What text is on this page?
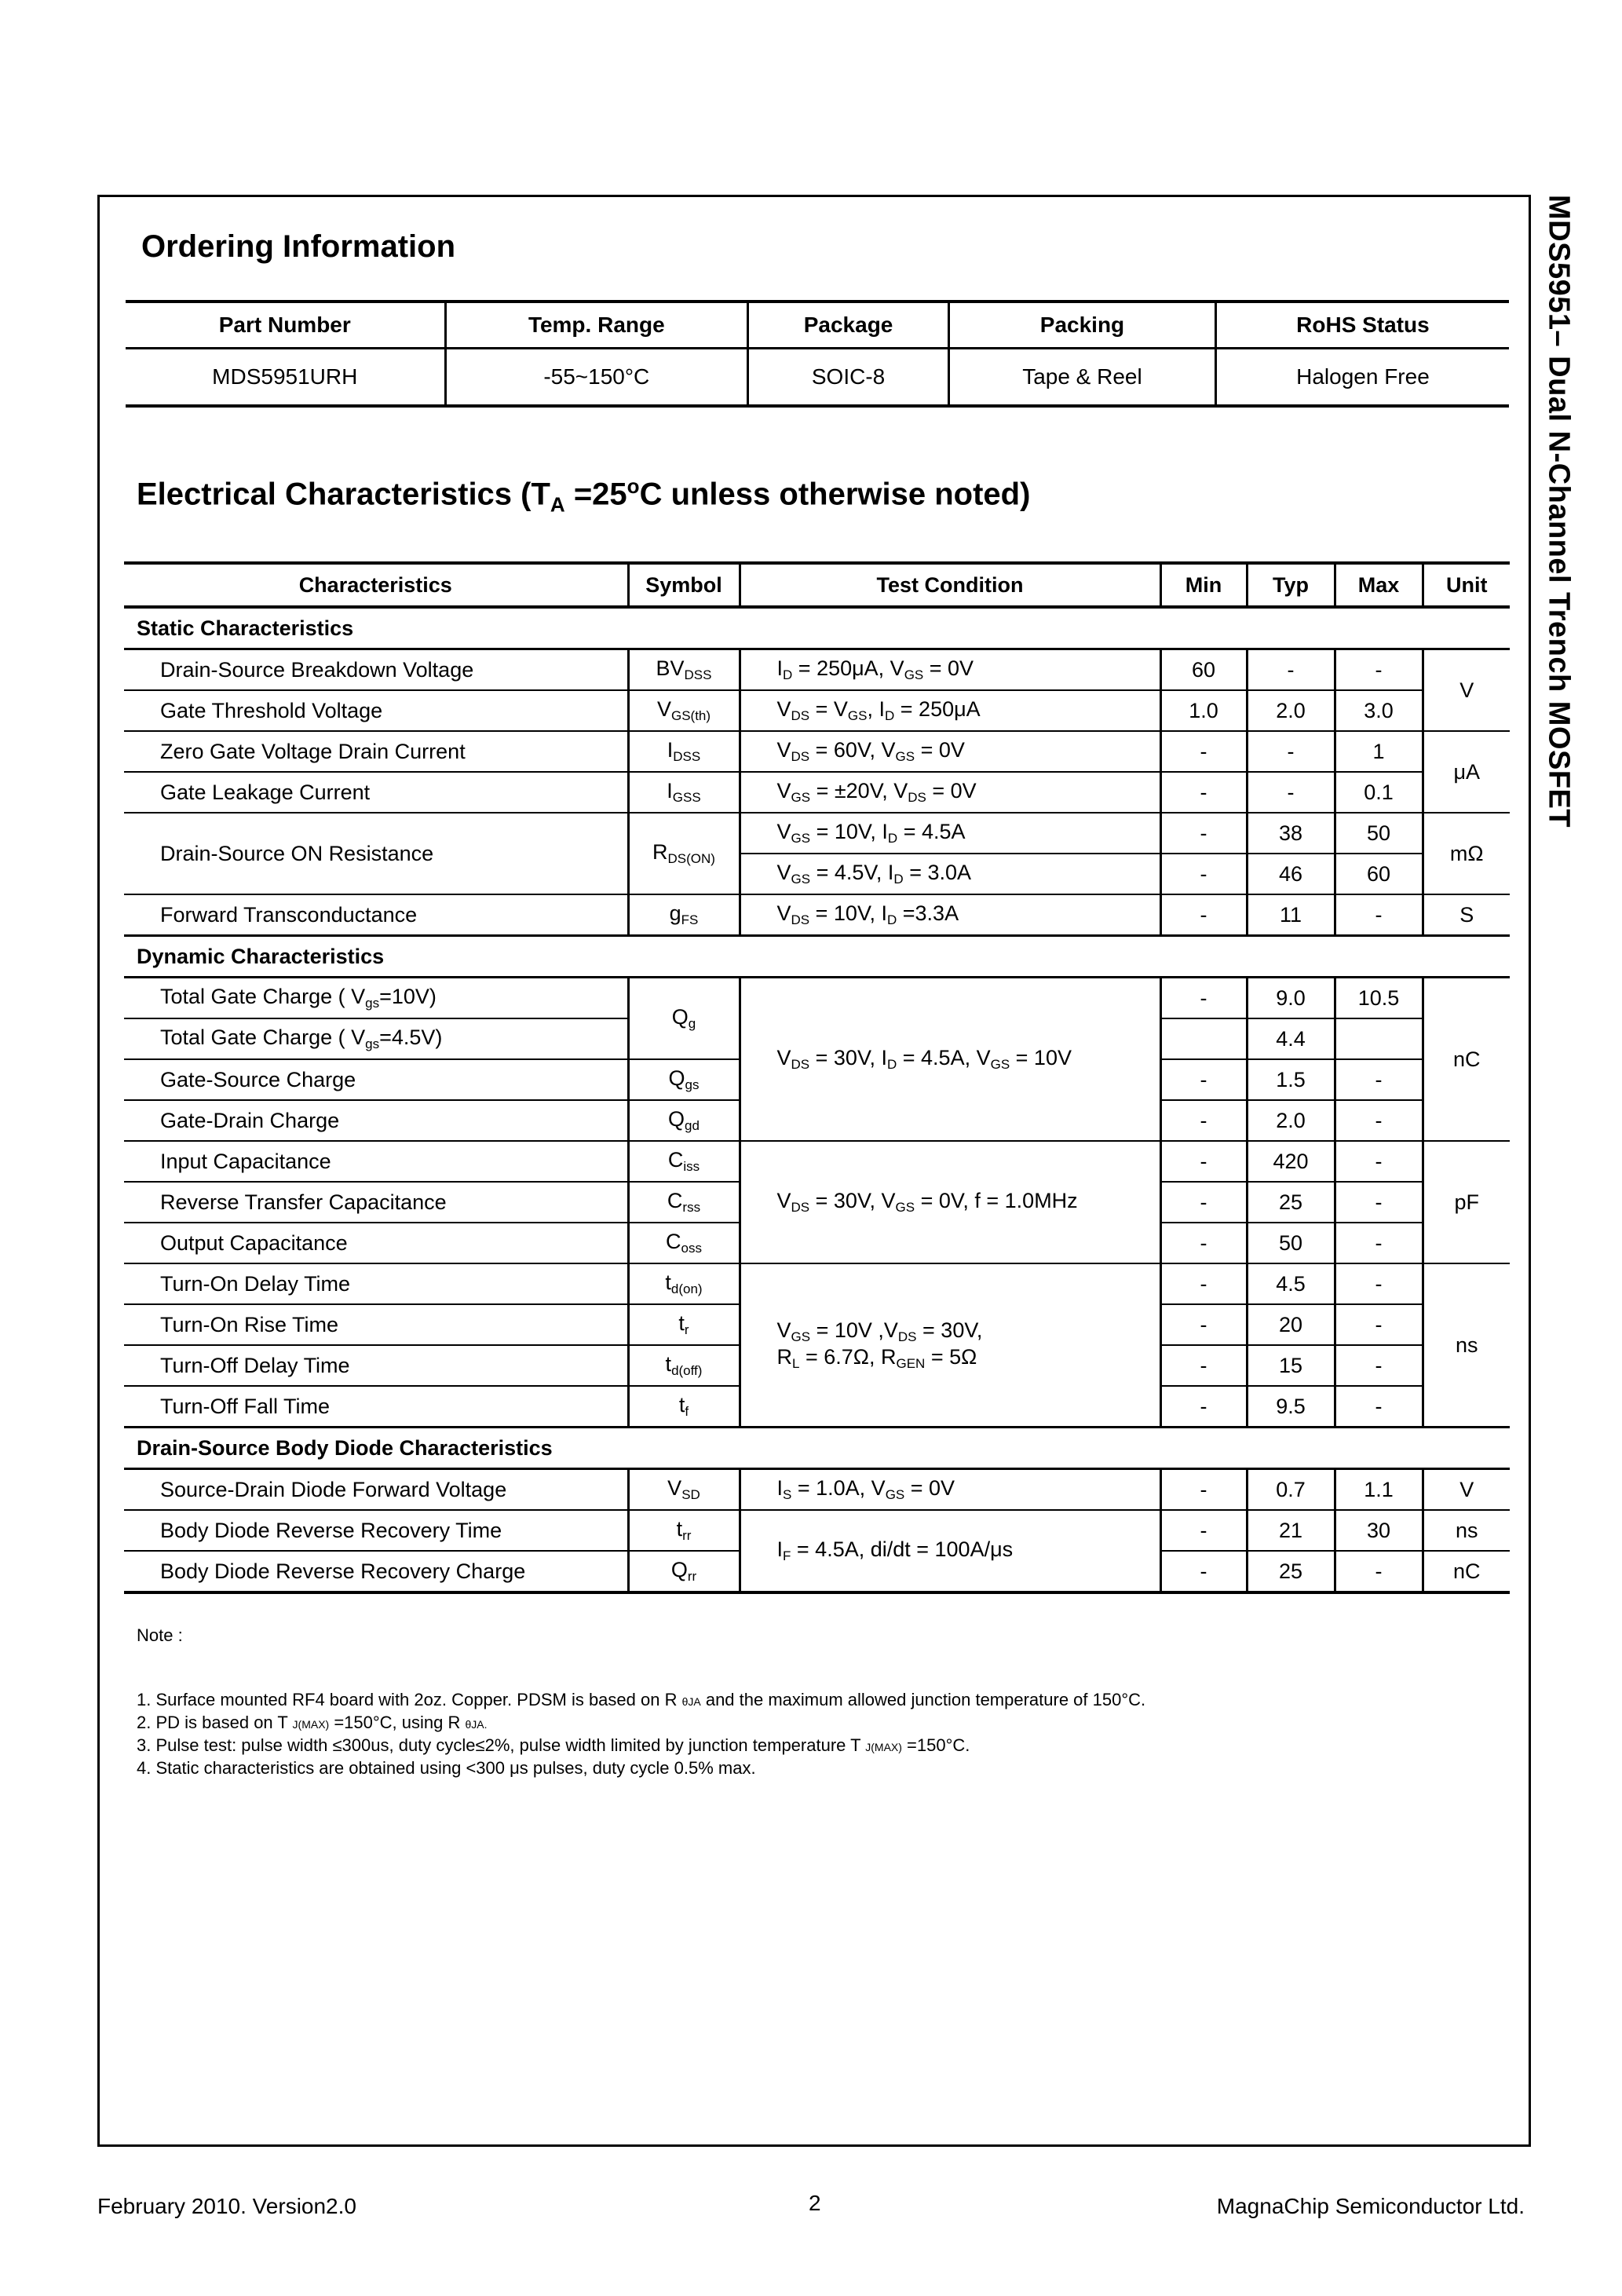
MDS5951– Dual N-Channel Trench MOSFET
Ordering Information
Part Number	Temp. Range	Package	Packing	RoHS Status
MDS5951URH	-55~150°C	SOIC-8	Tape & Reel	Halogen Free
Electrical Characteristics ($T_A =25^oC$ unless otherwise noted)
Characteristics	Symbol	Test Condition	Min	Typ	Max	Unit
Static Characteristics						
Drain-Source Breakdown Voltage	$BV_{DSS}$	$I_D = 250\mu A$, $V_{GS} = 0V$	60	-	-	V
Gate Threshold Voltage	$V_{GS(th)}$	$V_{DS} = V_{GS}$, $I_D = 250\mu A$	1.0	2.0	3.0	
Zero Gate Voltage Drain Current	$I_{DSS}$	$V_{DS} = 60V$, $V_{GS} = 0V$	-	-	1	μA
Gate Leakage Current	$I_{GSS}$	$V_{GS} = \pm 20V$, $V_{DS} = 0V$	-	-	0.1	
Drain-Source ON Resistance	$R_{DS(ON)}$	$V_{GS} = 10V$, $I_D = 4.5A$	-	38	50	mΩ
		$V_{GS} = 4.5V$, $I_D = 3.0A$	-	46	60	
Forward Transconductance	$g_{FS}$	$V_{DS} = 10V$, $I_D =3.3A$	-	11	-	S
Dynamic Characteristics						
Total Gate Charge ( $V_{gs}=10V$)	$Q_g$	$V_{DS} = 30V$, $I_D = 4.5A$, $V_{GS} = 10V$	-	9.0	10.5	nC
Total Gate Charge ( $V_{gs}=4.5V$)				4.4		
Gate-Source Charge	$Q_{gs}$		-	1.5	-	
Gate-Drain Charge	$Q_{gd}$		-	2.0	-	
Input Capacitance	$C_{iss}$	$V_{DS} = 30V$, $V_{GS} = 0V$, f = 1.0MHz	-	420	-	pF
Reverse Transfer Capacitance	$C_{rss}$		-	25	-	
Output Capacitance	$C_{oss}$		-	50	-	
Turn-On Delay Time	$t_{d(on)}$	$V_{GS} = 10V$ $,V_{DS} = 30V$,
$R_L = 6.7\Omega$, $R_{GEN} = 5\Omega$	-	4.5	-	ns
Turn-On Rise Time	$t_r$		-	20	-	
Turn-Off Delay Time	$t_{d(off)}$		-	15	-	
Turn-Off Fall Time	$t_f$		-	9.5	-	
Drain-Source Body Diode Characteristics						
Source-Drain Diode Forward Voltage	$V_{SD}$	$I_S = 1.0A$, $V_{GS} = 0V$	-	0.7	1.1	V
Body Diode Reverse Recovery Time	$t_{rr}$	$I_F = 4.5A$, di/dt = 100A/μs	-	21	30	ns
Body Diode Reverse Recovery Charge	$Q_{rr}$		-	25	-	nC
Note :
1. Surface mounted RF4 board with 2oz. Copper. PDSM is based on R θJA and the maximum allowed junction temperature of 150°C.
2. PD is based on T J(MAX) =150°C, using R θJA.
3. Pulse test: pulse width ≤300us, duty cycle≤2%, pulse width limited by junction temperature T J(MAX) =150°C.
4. Static characteristics are obtained using <300 μs pulses, duty cycle 0.5% max.
February 2010. Version2.0	2	MagnaChip Semiconductor Ltd.
